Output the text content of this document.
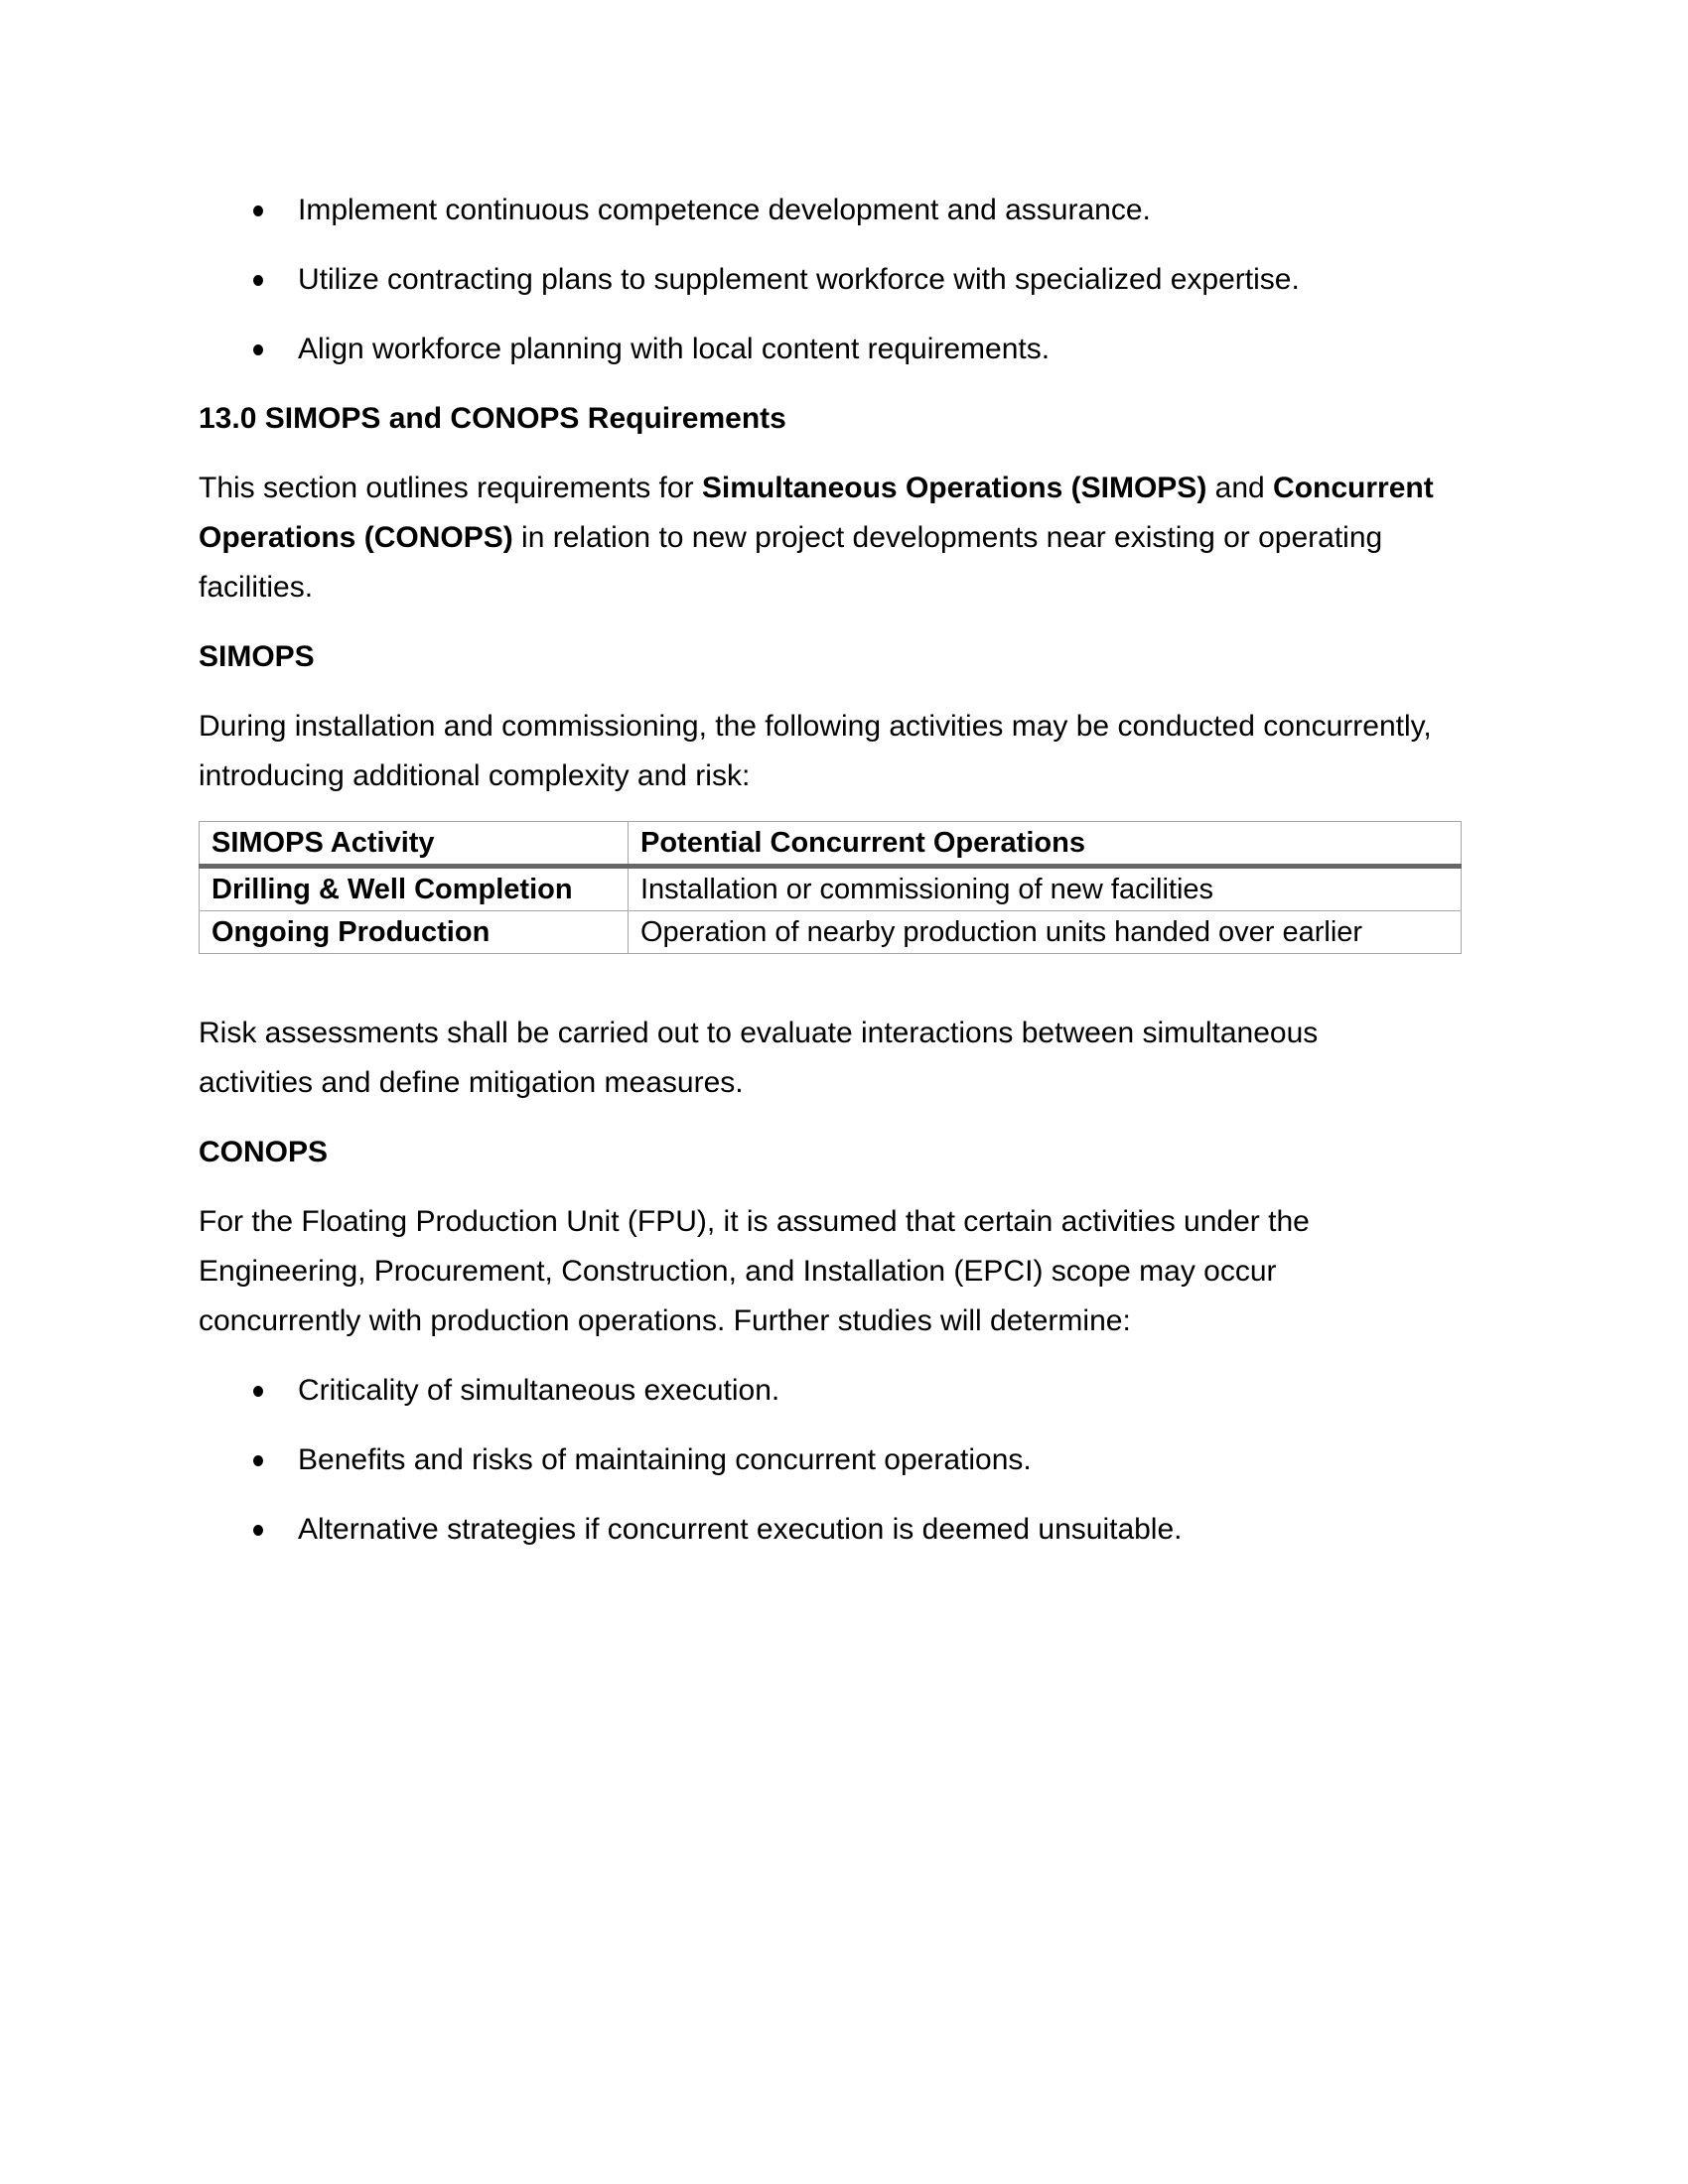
Implement continuous competence development and assurance.
Utilize contracting plans to supplement workforce with specialized expertise.
Align workforce planning with local content requirements.

13.0 SIMOPS and CONOPS Requirements

This section outlines requirements for Simultaneous Operations (SIMOPS) and Concurrent Operations (CONOPS) in relation to new project developments near existing or operating facilities.

SIMOPS

During installation and commissioning, the following activities may be conducted concurrently, introducing additional complexity and risk:

SIMOPS Activity	Potential Concurrent Operations
Drilling & Well Completion	Installation or commissioning of new facilities
Ongoing Production	Operation of nearby production units handed over earlier

Risk assessments shall be carried out to evaluate interactions between simultaneous activities and define mitigation measures.

CONOPS

For the Floating Production Unit (FPU), it is assumed that certain activities under the Engineering, Procurement, Construction, and Installation (EPCI) scope may occur concurrently with production operations. Further studies will determine:

Criticality of simultaneous execution.
Benefits and risks of maintaining concurrent operations.
Alternative strategies if concurrent execution is deemed unsuitable.
